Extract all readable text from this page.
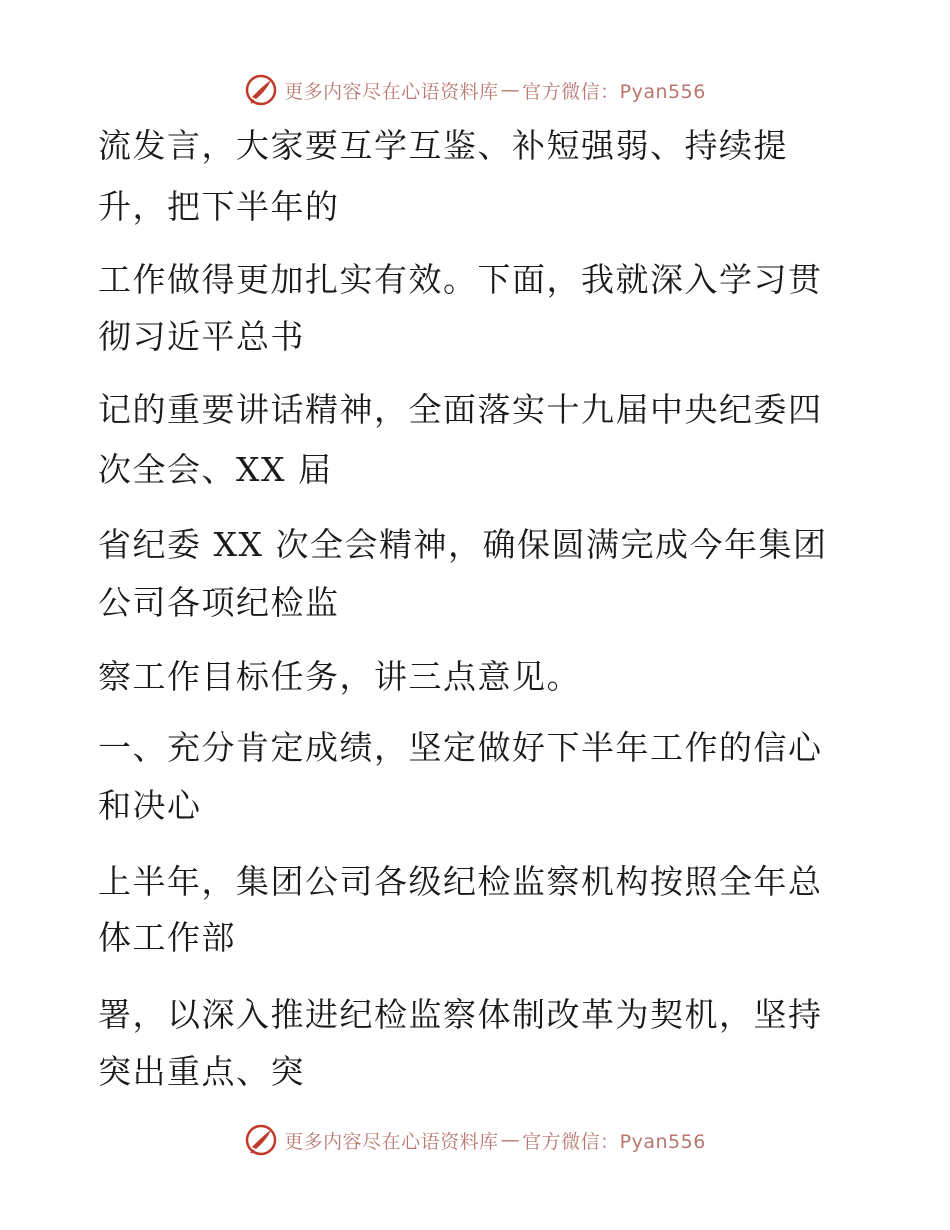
更多内容尽在心语资料库 — 官方微信：Pyan556
流发言，大家要互学互鉴、补短强弱、持续提
升，把下半年的
工作做得更加扎实有效。下面，我就深入学习贯
彻习近平总书
记的重要讲话精神，全面落实十九届中央纪委四
次全会、XX 届
省纪委 XX 次全会精神，确保圆满完成今年集团
公司各项纪检监
察工作目标任务，讲三点意见。
一、充分肯定成绩，坚定做好下半年工作的信心
和决心
上半年，集团公司各级纪检监察机构按照全年总
体工作部
署，以深入推进纪检监察体制改革为契机，坚持
突出重点、突
更多内容尽在心语资料库 — 官方微信：Pyan556
